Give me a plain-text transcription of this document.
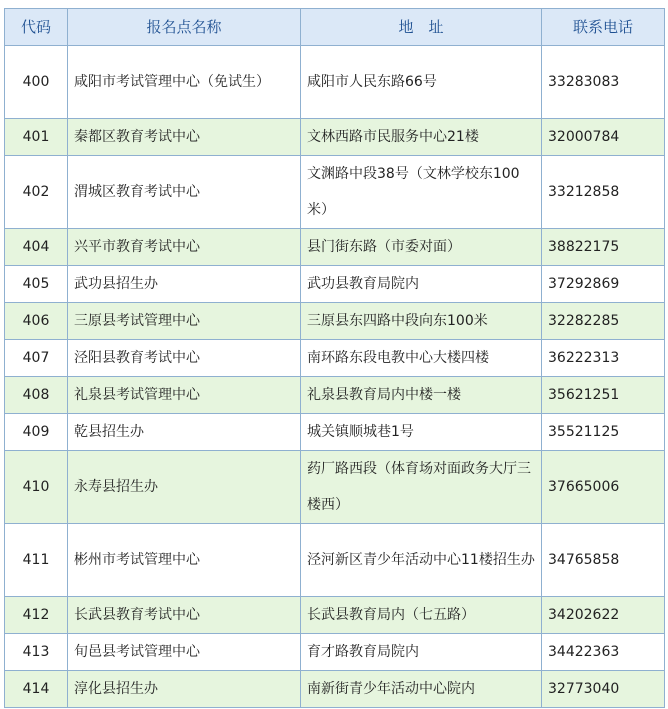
代码	报名点名称	地　址	联系电话
400	咸阳市考试管理中心（免试生）	咸阳市人民东路66号	33283083
401	秦都区教育考试中心	文林西路市民服务中心21楼	32000784
402	渭城区教育考试中心	文渊路中段38号（文林学校东100米）	33212858
404	兴平市教育考试中心	县门街东路（市委对面）	38822175
405	武功县招生办	武功县教育局院内	37292869
406	三原县考试管理中心	三原县东四路中段向东100米	32282285
407	泾阳县教育考试中心	南环路东段电教中心大楼四楼	36222313
408	礼泉县考试管理中心	礼泉县教育局内中楼一楼	35621251
409	乾县招生办	城关镇顺城巷1号	35521125
410	永寿县招生办	药厂路西段（体育场对面政务大厅三楼西）	37665006
411	彬州市考试管理中心	泾河新区青少年活动中心11楼招生办	34765858
412	长武县教育考试中心	长武县教育局内（七五路）	34202622
413	旬邑县考试管理中心	育才路教育局院内	34422363
414	淳化县招生办	南新街青少年活动中心院内	32773040
